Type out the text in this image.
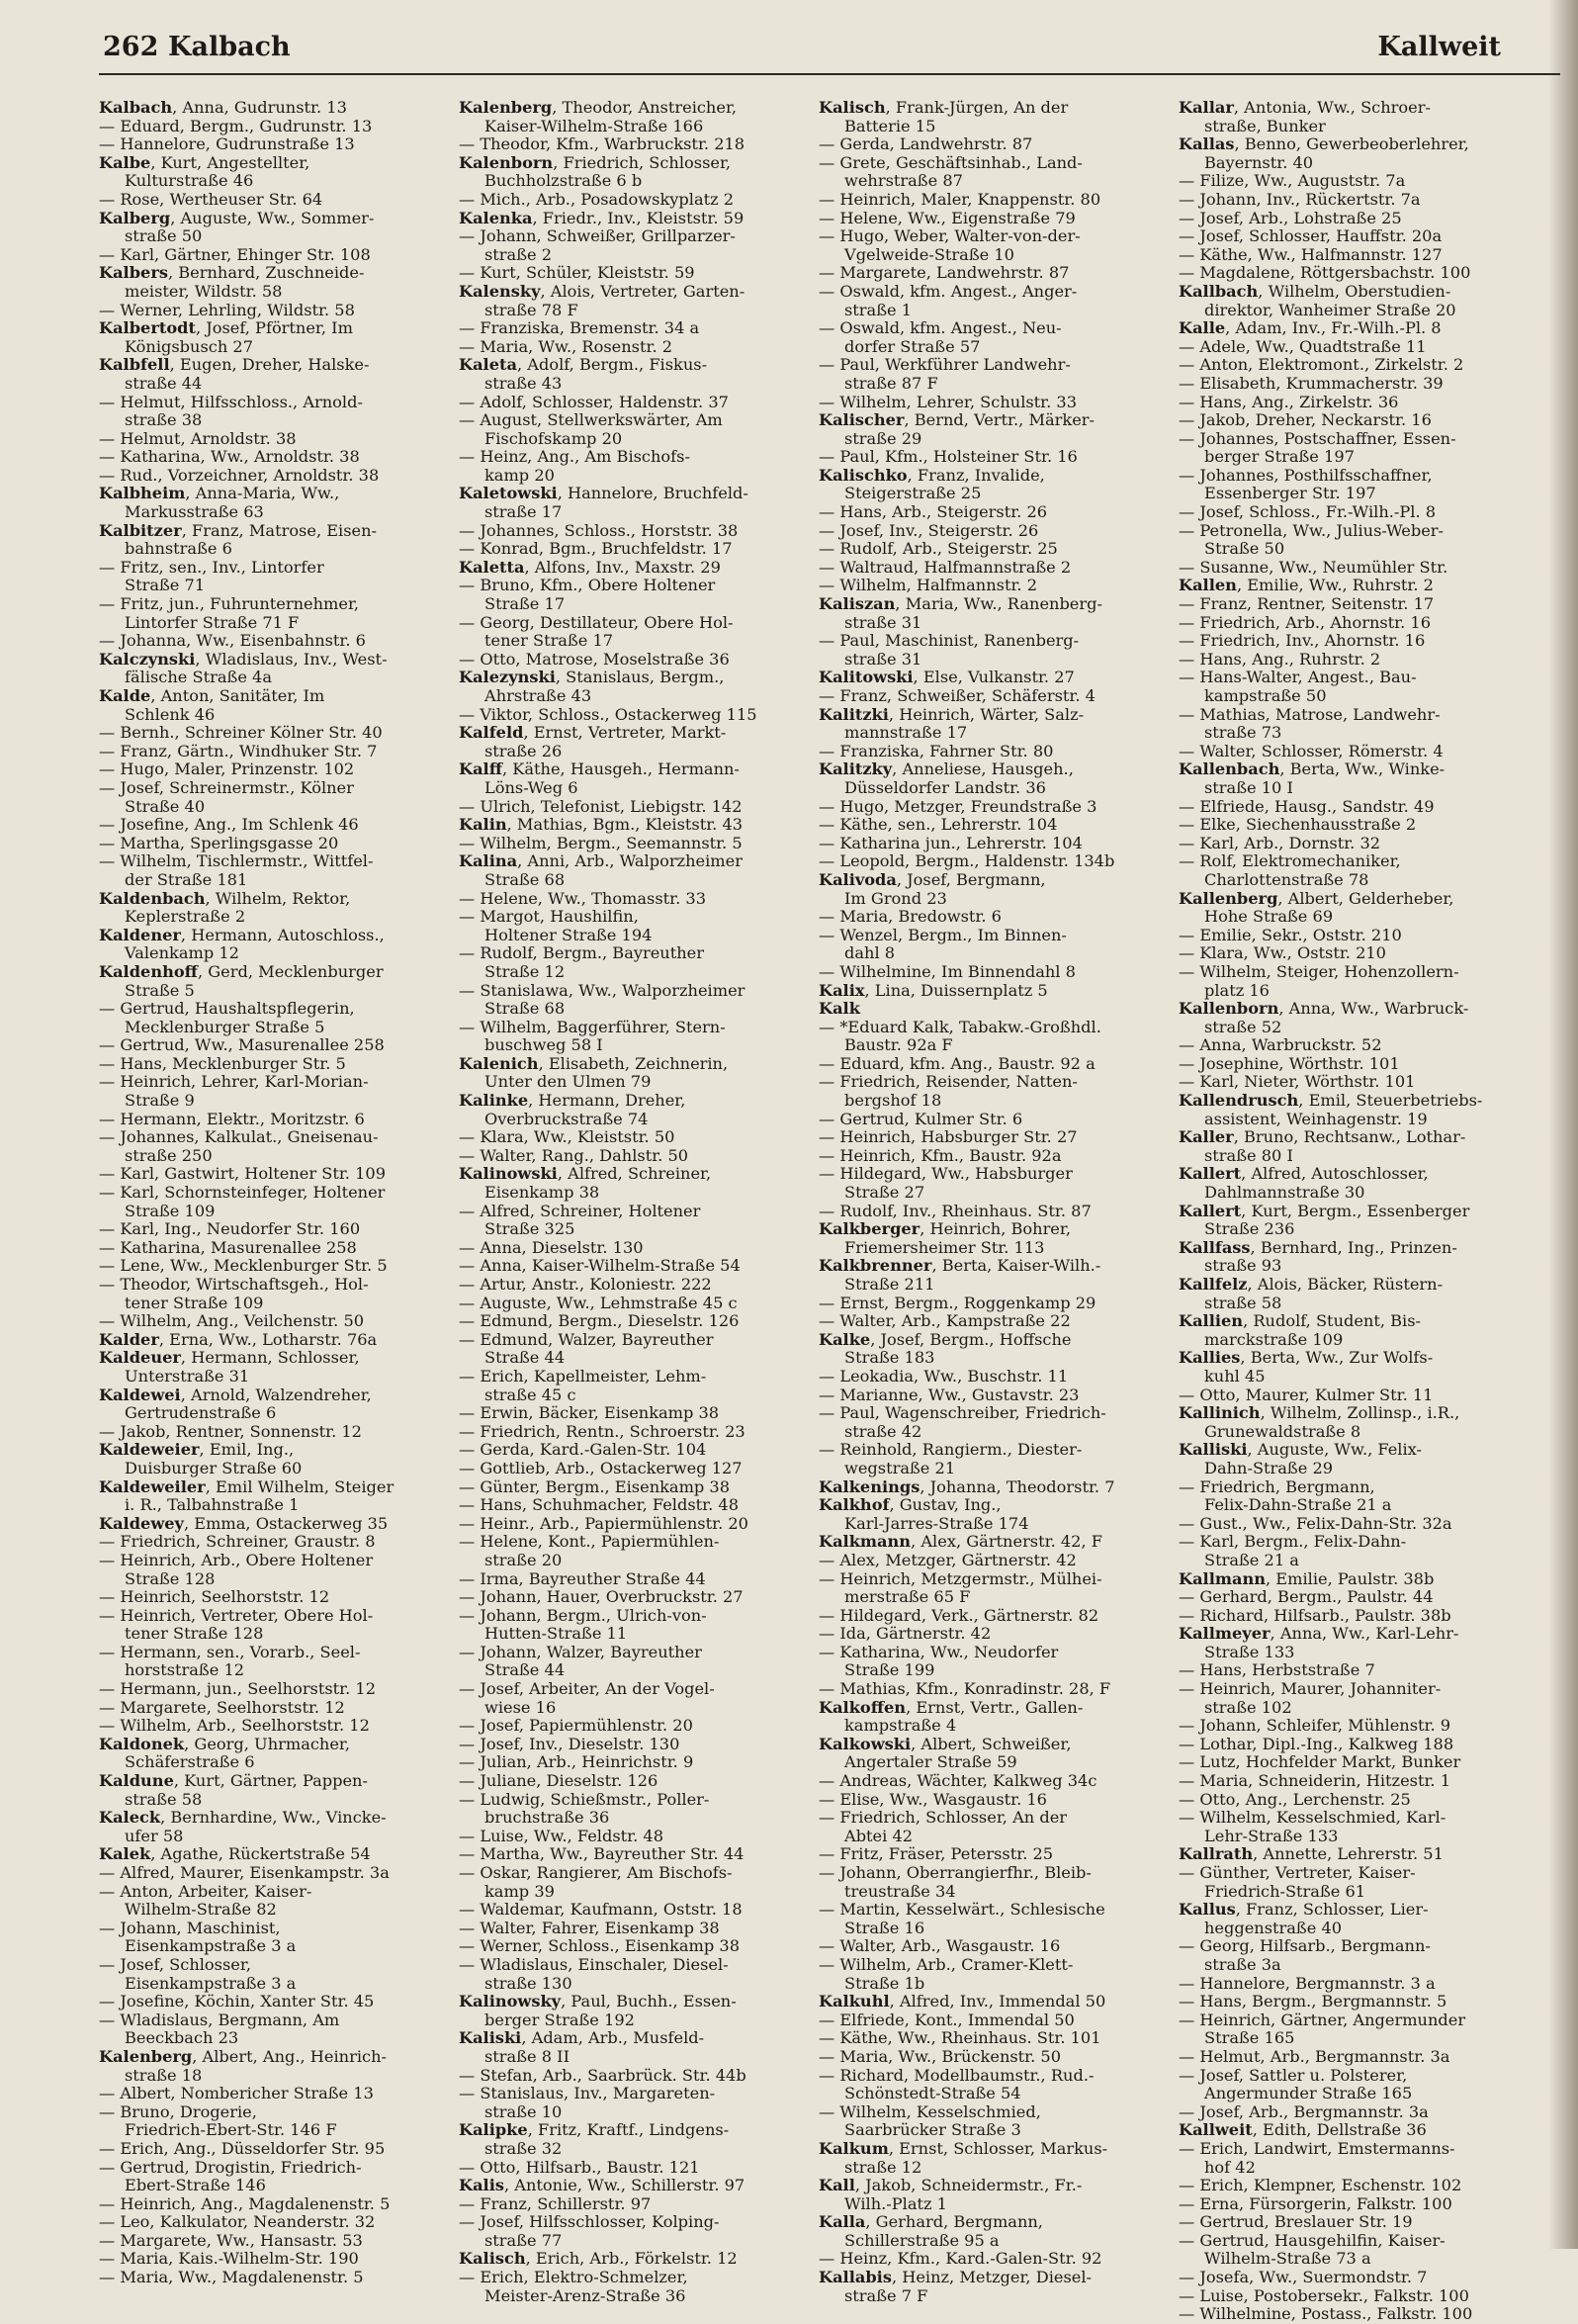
262 Kalbach	Kallweit
Kalbach, Anna, Gudrunstr. 13
— Eduard, Bergm., Gudrunstr. 13
— Hannelore, Gudrunstraße 13
Kalbe, Kurt, Angestellter,
Kulturstraße 46
— Rose, Wertheuser Str. 64
Kalberg, Auguste, Ww., Sommer-
straße 50
— Karl, Gärtner, Ehinger Str. 108
Kalbers, Bernhard, Zuschneide-
meister, Wildstr. 58
— Werner, Lehrling, Wildstr. 58
Kalbertodt, Josef, Pförtner, Im
Königsbusch 27
Kalbfell, Eugen, Dreher, Halske-
straße 44
— Helmut, Hilfsschloss., Arnold-
straße 38
— Helmut, Arnoldstr. 38
— Katharina, Ww., Arnoldstr. 38
— Rud., Vorzeichner, Arnoldstr. 38
Kalbheim, Anna-Maria, Ww.,
Markusstraße 63
Kalbitzer, Franz, Matrose, Eisen-
bahnstraße 6
— Fritz, sen., Inv., Lintorfer
Straße 71
— Fritz, jun., Fuhrunternehmer,
Lintorfer Straße 71 F
— Johanna, Ww., Eisenbahnstr. 6
Kalczynski, Wladislaus, Inv., West-
fälische Straße 4a
Kalde, Anton, Sanitäter, Im
Schlenk 46
— Bernh., Schreiner Kölner Str. 40
— Franz, Gärtn., Windhuker Str. 7
— Hugo, Maler, Prinzenstr. 102
— Josef, Schreinermstr., Kölner
Straße 40
— Josefine, Ang., Im Schlenk 46
— Martha, Sperlingsgasse 20
— Wilhelm, Tischlermstr., Wittfel-
der Straße 181
Kaldenbach, Wilhelm, Rektor,
Keplerstraße 2
Kaldener, Hermann, Autoschloss.,
Valenkamp 12
Kaldenhoff, Gerd, Mecklenburger
Straße 5
— Gertrud, Haushaltspflegerin,
Mecklenburger Straße 5
— Gertrud, Ww., Masurenallee 258
— Hans, Mecklenburger Str. 5
— Heinrich, Lehrer, Karl-Morian-
Straße 9
— Hermann, Elektr., Moritzstr. 6
— Johannes, Kalkulat., Gneisenau-
straße 250
— Karl, Gastwirt, Holtener Str. 109
— Karl, Schornsteinfeger, Holtener
Straße 109
— Karl, Ing., Neudorfer Str. 160
— Katharina, Masurenallee 258
— Lene, Ww., Mecklenburger Str. 5
— Theodor, Wirtschaftsgeh., Hol-
tener Straße 109
— Wilhelm, Ang., Veilchenstr. 50
Kalder, Erna, Ww., Lotharstr. 76a
Kaldeuer, Hermann, Schlosser,
Unterstraße 31
Kaldewei, Arnold, Walzendreher,
Gertrudenstraße 6
— Jakob, Rentner, Sonnenstr. 12
Kaldeweier, Emil, Ing.,
Duisburger Straße 60
Kaldeweiler, Emil Wilhelm, Steiger
i. R., Talbahnstraße 1
Kaldewey, Emma, Ostackerweg 35
— Friedrich, Schreiner, Graustr. 8
— Heinrich, Arb., Obere Holtener
Straße 128
— Heinrich, Seelhorststr. 12
— Heinrich, Vertreter, Obere Hol-
tener Straße 128
— Hermann, sen., Vorarb., Seel-
horststraße 12
— Hermann, jun., Seelhorststr. 12
— Margarete, Seelhorststr. 12
— Wilhelm, Arb., Seelhorststr. 12
Kaldonek, Georg, Uhrmacher,
Schäferstraße 6
Kaldune, Kurt, Gärtner, Pappen-
straße 58
Kaleck, Bernhardine, Ww., Vincke-
ufer 58
Kalek, Agathe, Rückertstraße 54
— Alfred, Maurer, Eisenkampstr. 3a
— Anton, Arbeiter, Kaiser-
Wilhelm-Straße 82
— Johann, Maschinist,
Eisenkampstraße 3 a
— Josef, Schlosser,
Eisenkampstraße 3 a
— Josefine, Köchin, Xanter Str. 45
— Wladislaus, Bergmann, Am
Beeckbach 23
Kalenberg, Albert, Ang., Heinrich-
straße 18
— Albert, Nombericher Straße 13
— Bruno, Drogerie,
Friedrich-Ebert-Str. 146 F
— Erich, Ang., Düsseldorfer Str. 95
— Gertrud, Drogistin, Friedrich-
Ebert-Straße 146
— Heinrich, Ang., Magdalenenstr. 5
— Leo, Kalkulator, Neanderstr. 32
— Margarete, Ww., Hansastr. 53
— Maria, Kais.-Wilhelm-Str. 190
— Maria, Ww., Magdalenenstr. 5
Kalenberg, Theodor, Anstreicher,
Kaiser-Wilhelm-Straße 166
— Theodor, Kfm., Warbruckstr. 218
Kalenborn, Friedrich, Schlosser,
Buchholzstraße 6 b
— Mich., Arb., Posadowskyplatz 2
Kalenka, Friedr., Inv., Kleiststr. 59
— Johann, Schweißer, Grillparzer-
straße 2
— Kurt, Schüler, Kleiststr. 59
Kalensky, Alois, Vertreter, Garten-
straße 78 F
— Franziska, Bremenstr. 34 a
— Maria, Ww., Rosenstr. 2
Kaleta, Adolf, Bergm., Fiskus-
straße 43
— Adolf, Schlosser, Haldenstr. 37
— August, Stellwerkswärter, Am
Fischofskamp 20
— Heinz, Ang., Am Bischofs-
kamp 20
Kaletowski, Hannelore, Bruchfeld-
straße 17
— Johannes, Schloss., Horststr. 38
— Konrad, Bgm., Bruchfeldstr. 17
Kaletta, Alfons, Inv., Maxstr. 29
— Bruno, Kfm., Obere Holtener
Straße 17
— Georg, Destillateur, Obere Hol-
tener Straße 17
— Otto, Matrose, Moselstraße 36
Kalezynski, Stanislaus, Bergm.,
Ahrstraße 43
— Viktor, Schloss., Ostackerweg 115
Kalfeld, Ernst, Vertreter, Markt-
straße 26
Kalff, Käthe, Hausgeh., Hermann-
Löns-Weg 6
— Ulrich, Telefonist, Liebigstr. 142
Kalin, Mathias, Bgm., Kleiststr. 43
— Wilhelm, Bergm., Seemannstr. 5
Kalina, Anni, Arb., Walporzheimer
Straße 68
— Helene, Ww., Thomasstr. 33
— Margot, Haushilfin,
Holtener Straße 194
— Rudolf, Bergm., Bayreuther
Straße 12
— Stanislawa, Ww., Walporzheimer
Straße 68
— Wilhelm, Baggerführer, Stern-
buschweg 58 I
Kalenich, Elisabeth, Zeichnerin,
Unter den Ulmen 79
Kalinke, Hermann, Dreher,
Overbruckstraße 74
— Klara, Ww., Kleiststr. 50
— Walter, Rang., Dahlstr. 50
Kalinowski, Alfred, Schreiner,
Eisenkamp 38
— Alfred, Schreiner, Holtener
Straße 325
— Anna, Dieselstr. 130
— Anna, Kaiser-Wilhelm-Straße 54
— Artur, Anstr., Koloniestr. 222
— Auguste, Ww., Lehmstraße 45 c
— Edmund, Bergm., Dieselstr. 126
— Edmund, Walzer, Bayreuther
Straße 44
— Erich, Kapellmeister, Lehm-
straße 45 c
— Erwin, Bäcker, Eisenkamp 38
— Friedrich, Rentn., Schroerstr. 23
— Gerda, Kard.-Galen-Str. 104
— Gottlieb, Arb., Ostackerweg 127
— Günter, Bergm., Eisenkamp 38
— Hans, Schuhmacher, Feldstr. 48
— Heinr., Arb., Papiermühlenstr. 20
— Helene, Kont., Papiermühlen-
straße 20
— Irma, Bayreuther Straße 44
— Johann, Hauer, Overbruckstr. 27
— Johann, Bergm., Ulrich-von-
Hutten-Straße 11
— Johann, Walzer, Bayreuther
Straße 44
— Josef, Arbeiter, An der Vogel-
wiese 16
— Josef, Papiermühlenstr. 20
— Josef, Inv., Dieselstr. 130
— Julian, Arb., Heinrichstr. 9
— Juliane, Dieselstr. 126
— Ludwig, Schießmstr., Poller-
bruchstraße 36
— Luise, Ww., Feldstr. 48
— Martha, Ww., Bayreuther Str. 44
— Oskar, Rangierer, Am Bischofs-
kamp 39
— Waldemar, Kaufmann, Oststr. 18
— Walter, Fahrer, Eisenkamp 38
— Werner, Schloss., Eisenkamp 38
— Wladislaus, Einschaler, Diesel-
straße 130
Kalinowsky, Paul, Buchh., Essen-
berger Straße 192
Kaliski, Adam, Arb., Musfeld-
straße 8 II
— Stefan, Arb., Saarbrück. Str. 44b
— Stanislaus, Inv., Margareten-
straße 10
Kalipke, Fritz, Kraftf., Lindgens-
straße 32
— Otto, Hilfsarb., Baustr. 121
Kalis, Antonie, Ww., Schillerstr. 97
— Franz, Schillerstr. 97
— Josef, Hilfsschlosser, Kolping-
straße 77
Kalisch, Erich, Arb., Förkelstr. 12
— Erich, Elektro-Schmelzer,
Meister-Arenz-Straße 36
Kalisch, Frank-Jürgen, An der
Batterie 15
— Gerda, Landwehrstr. 87
— Grete, Geschäftsinhab., Land-
wehrstraße 87
— Heinrich, Maler, Knappenstr. 80
— Helene, Ww., Eigenstraße 79
— Hugo, Weber, Walter-von-der-
Vgelweide-Straße 10
— Margarete, Landwehrstr. 87
— Oswald, kfm. Angest., Anger-
straße 1
— Oswald, kfm. Angest., Neu-
dorfer Straße 57
— Paul, Werkführer Landwehr-
straße 87 F
— Wilhelm, Lehrer, Schulstr. 33
Kalischer, Bernd, Vertr., Märker-
straße 29
— Paul, Kfm., Holsteiner Str. 16
Kalischko, Franz, Invalide,
Steigerstraße 25
— Hans, Arb., Steigerstr. 26
— Josef, Inv., Steigerstr. 26
— Rudolf, Arb., Steigerstr. 25
— Waltraud, Halfmannstraße 2
— Wilhelm, Halfmannstr. 2
Kaliszan, Maria, Ww., Ranenberg-
straße 31
— Paul, Maschinist, Ranenberg-
straße 31
Kalitowski, Else, Vulkanstr. 27
— Franz, Schweißer, Schäferstr. 4
Kalitzki, Heinrich, Wärter, Salz-
mannstraße 17
— Franziska, Fahrner Str. 80
Kalitzky, Anneliese, Hausgeh.,
Düsseldorfer Landstr. 36
— Hugo, Metzger, Freundstraße 3
— Käthe, sen., Lehrerstr. 104
— Katharina jun., Lehrerstr. 104
— Leopold, Bergm., Haldenstr. 134b
Kalivoda, Josef, Bergmann,
Im Grond 23
— Maria, Bredowstr. 6
— Wenzel, Bergm., Im Binnen-
dahl 8
— Wilhelmine, Im Binnendahl 8
Kalix, Lina, Duissernplatz 5
Kalk
— *Eduard Kalk, Tabakw.-Großhdl.
Baustr. 92a F
— Eduard, kfm. Ang., Baustr. 92 a
— Friedrich, Reisender, Natten-
bergshof 18
— Gertrud, Kulmer Str. 6
— Heinrich, Habsburger Str. 27
— Heinrich, Kfm., Baustr. 92a
— Hildegard, Ww., Habsburger
Straße 27
— Rudolf, Inv., Rheinhaus. Str. 87
Kalkberger, Heinrich, Bohrer,
Friemersheimer Str. 113
Kalkbrenner, Berta, Kaiser-Wilh.-
Straße 211
— Ernst, Bergm., Roggenkamp 29
— Walter, Arb., Kampstraße 22
Kalke, Josef, Bergm., Hoffsche
Straße 183
— Leokadia, Ww., Buschstr. 11
— Marianne, Ww., Gustavstr. 23
— Paul, Wagenschreiber, Friedrich-
straße 42
— Reinhold, Rangierm., Diester-
wegstraße 21
Kalkenings, Johanna, Theodorstr. 7
Kalkhof, Gustav, Ing.,
Karl-Jarres-Straße 174
Kalkmann, Alex, Gärtnerstr. 42, F
— Alex, Metzger, Gärtnerstr. 42
— Heinrich, Metzgermstr., Mülhei-
merstraße 65 F
— Hildegard, Verk., Gärtnerstr. 82
— Ida, Gärtnerstr. 42
— Katharina, Ww., Neudorfer
Straße 199
— Mathias, Kfm., Konradinstr. 28, F
Kalkoffen, Ernst, Vertr., Gallen-
kampstraße 4
Kalkowski, Albert, Schweißer,
Angertaler Straße 59
— Andreas, Wächter, Kalkweg 34c
— Elise, Ww., Wasgaustr. 16
— Friedrich, Schlosser, An der
Abtei 42
— Fritz, Fräser, Petersstr. 25
— Johann, Oberrangierfhr., Bleib-
treustraße 34
— Martin, Kesselwärt., Schlesische
Straße 16
— Walter, Arb., Wasgaustr. 16
— Wilhelm, Arb., Cramer-Klett-
Straße 1b
Kalkuhl, Alfred, Inv., Immendal 50
— Elfriede, Kont., Immendal 50
— Käthe, Ww., Rheinhaus. Str. 101
— Maria, Ww., Brückenstr. 50
— Richard, Modellbaumstr., Rud.-
Schönstedt-Straße 54
— Wilhelm, Kesselschmied,
Saarbrücker Straße 3
Kalkum, Ernst, Schlosser, Markus-
straße 12
Kall, Jakob, Schneidermstr., Fr.-
Wilh.-Platz 1
Kalla, Gerhard, Bergmann,
Schillerstraße 95 a
— Heinz, Kfm., Kard.-Galen-Str. 92
Kallabis, Heinz, Metzger, Diesel-
straße 7 F
Kallar, Antonia, Ww., Schroer-
straße, Bunker
Kallas, Benno, Gewerbeoberlehrer,
Bayernstr. 40
— Filize, Ww., Auguststr. 7a
— Johann, Inv., Rückertstr. 7a
— Josef, Arb., Lohstraße 25
— Josef, Schlosser, Hauffstr. 20a
— Käthe, Ww., Halfmannstr. 127
— Magdalene, Röttgersbachstr. 100
Kallbach, Wilhelm, Oberstudien-
direktor, Wanheimer Straße 20
Kalle, Adam, Inv., Fr.-Wilh.-Pl. 8
— Adele, Ww., Quadtstraße 11
— Anton, Elektromont., Zirkelstr. 2
— Elisabeth, Krummacherstr. 39
— Hans, Ang., Zirkelstr. 36
— Jakob, Dreher, Neckarstr. 16
— Johannes, Postschaffner, Essen-
berger Straße 197
— Johannes, Posthilfsschaffner,
Essenberger Str. 197
— Josef, Schloss., Fr.-Wilh.-Pl. 8
— Petronella, Ww., Julius-Weber-
Straße 50
— Susanne, Ww., Neumühler Str.
Kallen, Emilie, Ww., Ruhrstr. 2
— Franz, Rentner, Seitenstr. 17
— Friedrich, Arb., Ahornstr. 16
— Friedrich, Inv., Ahornstr. 16
— Hans, Ang., Ruhrstr. 2
— Hans-Walter, Angest., Bau-
kampstraße 50
— Mathias, Matrose, Landwehr-
straße 73
— Walter, Schlosser, Römerstr. 4
Kallenbach, Berta, Ww., Winke-
straße 10 I
— Elfriede, Hausg., Sandstr. 49
— Elke, Siechenhausstraße 2
— Karl, Arb., Dornstr. 32
— Rolf, Elektromechaniker,
Charlottenstraße 78
Kallenberg, Albert, Gelderheber,
Hohe Straße 69
— Emilie, Sekr., Oststr. 210
— Klara, Ww., Oststr. 210
— Wilhelm, Steiger, Hohenzollern-
platz 16
Kallenborn, Anna, Ww., Warbruck-
straße 52
— Anna, Warbruckstr. 52
— Josephine, Wörthstr. 101
— Karl, Nieter, Wörthstr. 101
Kallendrusch, Emil, Steuerbetriebs-
assistent, Weinhagenstr. 19
Kaller, Bruno, Rechtsanw., Lothar-
straße 80 I
Kallert, Alfred, Autoschlosser,
Dahlmannstraße 30
Kallert, Kurt, Bergm., Essenberger
Straße 236
Kallfass, Bernhard, Ing., Prinzen-
straße 93
Kallfelz, Alois, Bäcker, Rüstern-
straße 58
Kallien, Rudolf, Student, Bis-
marckstraße 109
Kallies, Berta, Ww., Zur Wolfs-
kuhl 45
— Otto, Maurer, Kulmer Str. 11
Kallinich, Wilhelm, Zollinsp., i.R.,
Grunewaldstraße 8
Kalliski, Auguste, Ww., Felix-
Dahn-Straße 29
— Friedrich, Bergmann,
Felix-Dahn-Straße 21 a
— Gust., Ww., Felix-Dahn-Str. 32a
— Karl, Bergm., Felix-Dahn-
Straße 21 a
Kallmann, Emilie, Paulstr. 38b
— Gerhard, Bergm., Paulstr. 44
— Richard, Hilfsarb., Paulstr. 38b
Kallmeyer, Anna, Ww., Karl-Lehr-
Straße 133
— Hans, Herbststraße 7
— Heinrich, Maurer, Johanniter-
straße 102
— Johann, Schleifer, Mühlenstr. 9
— Lothar, Dipl.-Ing., Kalkweg 188
— Lutz, Hochfelder Markt, Bunker
— Maria, Schneiderin, Hitzestr. 1
— Otto, Ang., Lerchenstr. 25
— Wilhelm, Kesselschmied, Karl-
Lehr-Straße 133
Kallrath, Annette, Lehrerstr. 51
— Günther, Vertreter, Kaiser-
Friedrich-Straße 61
Kallus, Franz, Schlosser, Lier-
heggenstraße 40
— Georg, Hilfsarb., Bergmann-
straße 3a
— Hannelore, Bergmannstr. 3 a
— Hans, Bergm., Bergmannstr. 5
— Heinrich, Gärtner, Angermunder
Straße 165
— Helmut, Arb., Bergmannstr. 3a
— Josef, Sattler u. Polsterer,
Angermunder Straße 165
— Josef, Arb., Bergmannstr. 3a
Kallweit, Edith, Dellstraße 36
— Erich, Landwirt, Emstermanns-
hof 42
— Erich, Klempner, Eschenstr. 102
— Erna, Fürsorgerin, Falkstr. 100
— Gertrud, Breslauer Str. 19
— Gertrud, Hausgehilfin, Kaiser-
Wilhelm-Straße 73 a
— Josefa, Ww., Suermondstr. 7
— Luise, Postobersekr., Falkstr. 100
— Wilhelmine, Postass., Falkstr. 100
